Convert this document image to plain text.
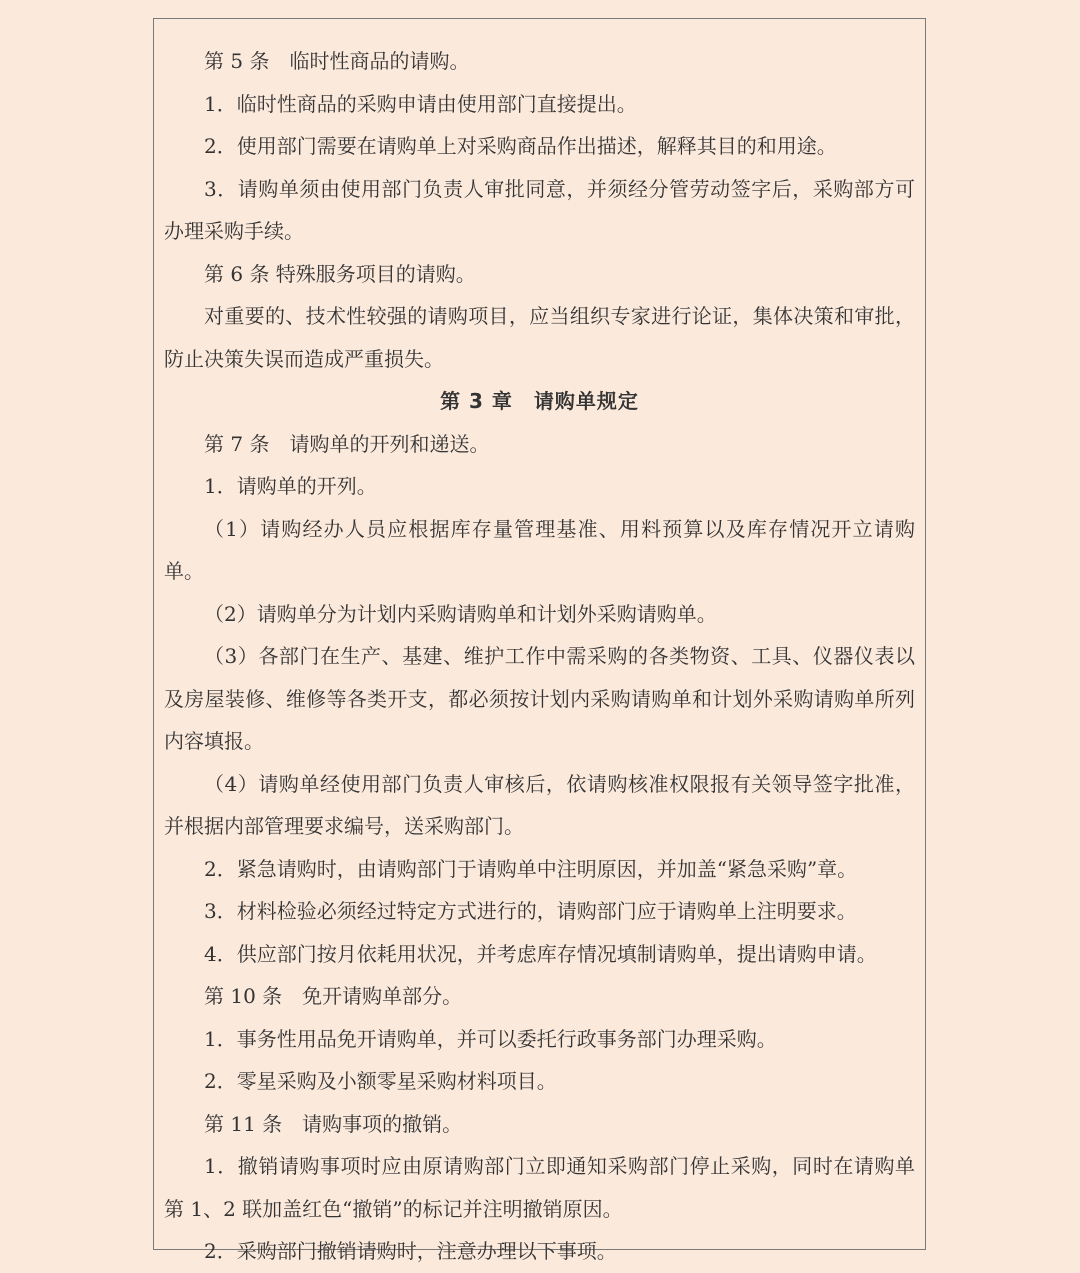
第 5 条　临时性商品的请购。

1．临时性商品的采购申请由使用部门直接提出。

2．使用部门需要在请购单上对采购商品作出描述，解释其目的和用途。

3．请购单须由使用部门负责人审批同意，并须经分管劳动签字后，采购部方可办理采购手续。

第 6 条 特殊服务项目的请购。

对重要的、技术性较强的请购项目，应当组织专家进行论证，集体决策和审批，防止决策失误而造成严重损失。

第 3 章　请购单规定

第 7 条　请购单的开列和递送。

1．请购单的开列。

（1）请购经办人员应根据库存量管理基准、用料预算以及库存情况开立请购单。

（2）请购单分为计划内采购请购单和计划外采购请购单。

（3）各部门在生产、基建、维护工作中需采购的各类物资、工具、仪器仪表以及房屋装修、维修等各类开支，都必须按计划内采购请购单和计划外采购请购单所列内容填报。

（4）请购单经使用部门负责人审核后，依请购核准权限报有关领导签字批准，并根据内部管理要求编号，送采购部门。

2．紧急请购时，由请购部门于请购单中注明原因，并加盖“紧急采购”章。

3．材料检验必须经过特定方式进行的，请购部门应于请购单上注明要求。

4．供应部门按月依耗用状况，并考虑库存情况填制请购单，提出请购申请。

第 10 条　免开请购单部分。

1．事务性用品免开请购单，并可以委托行政事务部门办理采购。

2．零星采购及小额零星采购材料项目。

第 11 条　请购事项的撤销。

1．撤销请购事项时应由原请购部门立即通知采购部门停止采购，同时在请购单第 1、2 联加盖红色“撤销”的标记并注明撤销原因。

2．采购部门撤销请购时，注意办理以下事项。
